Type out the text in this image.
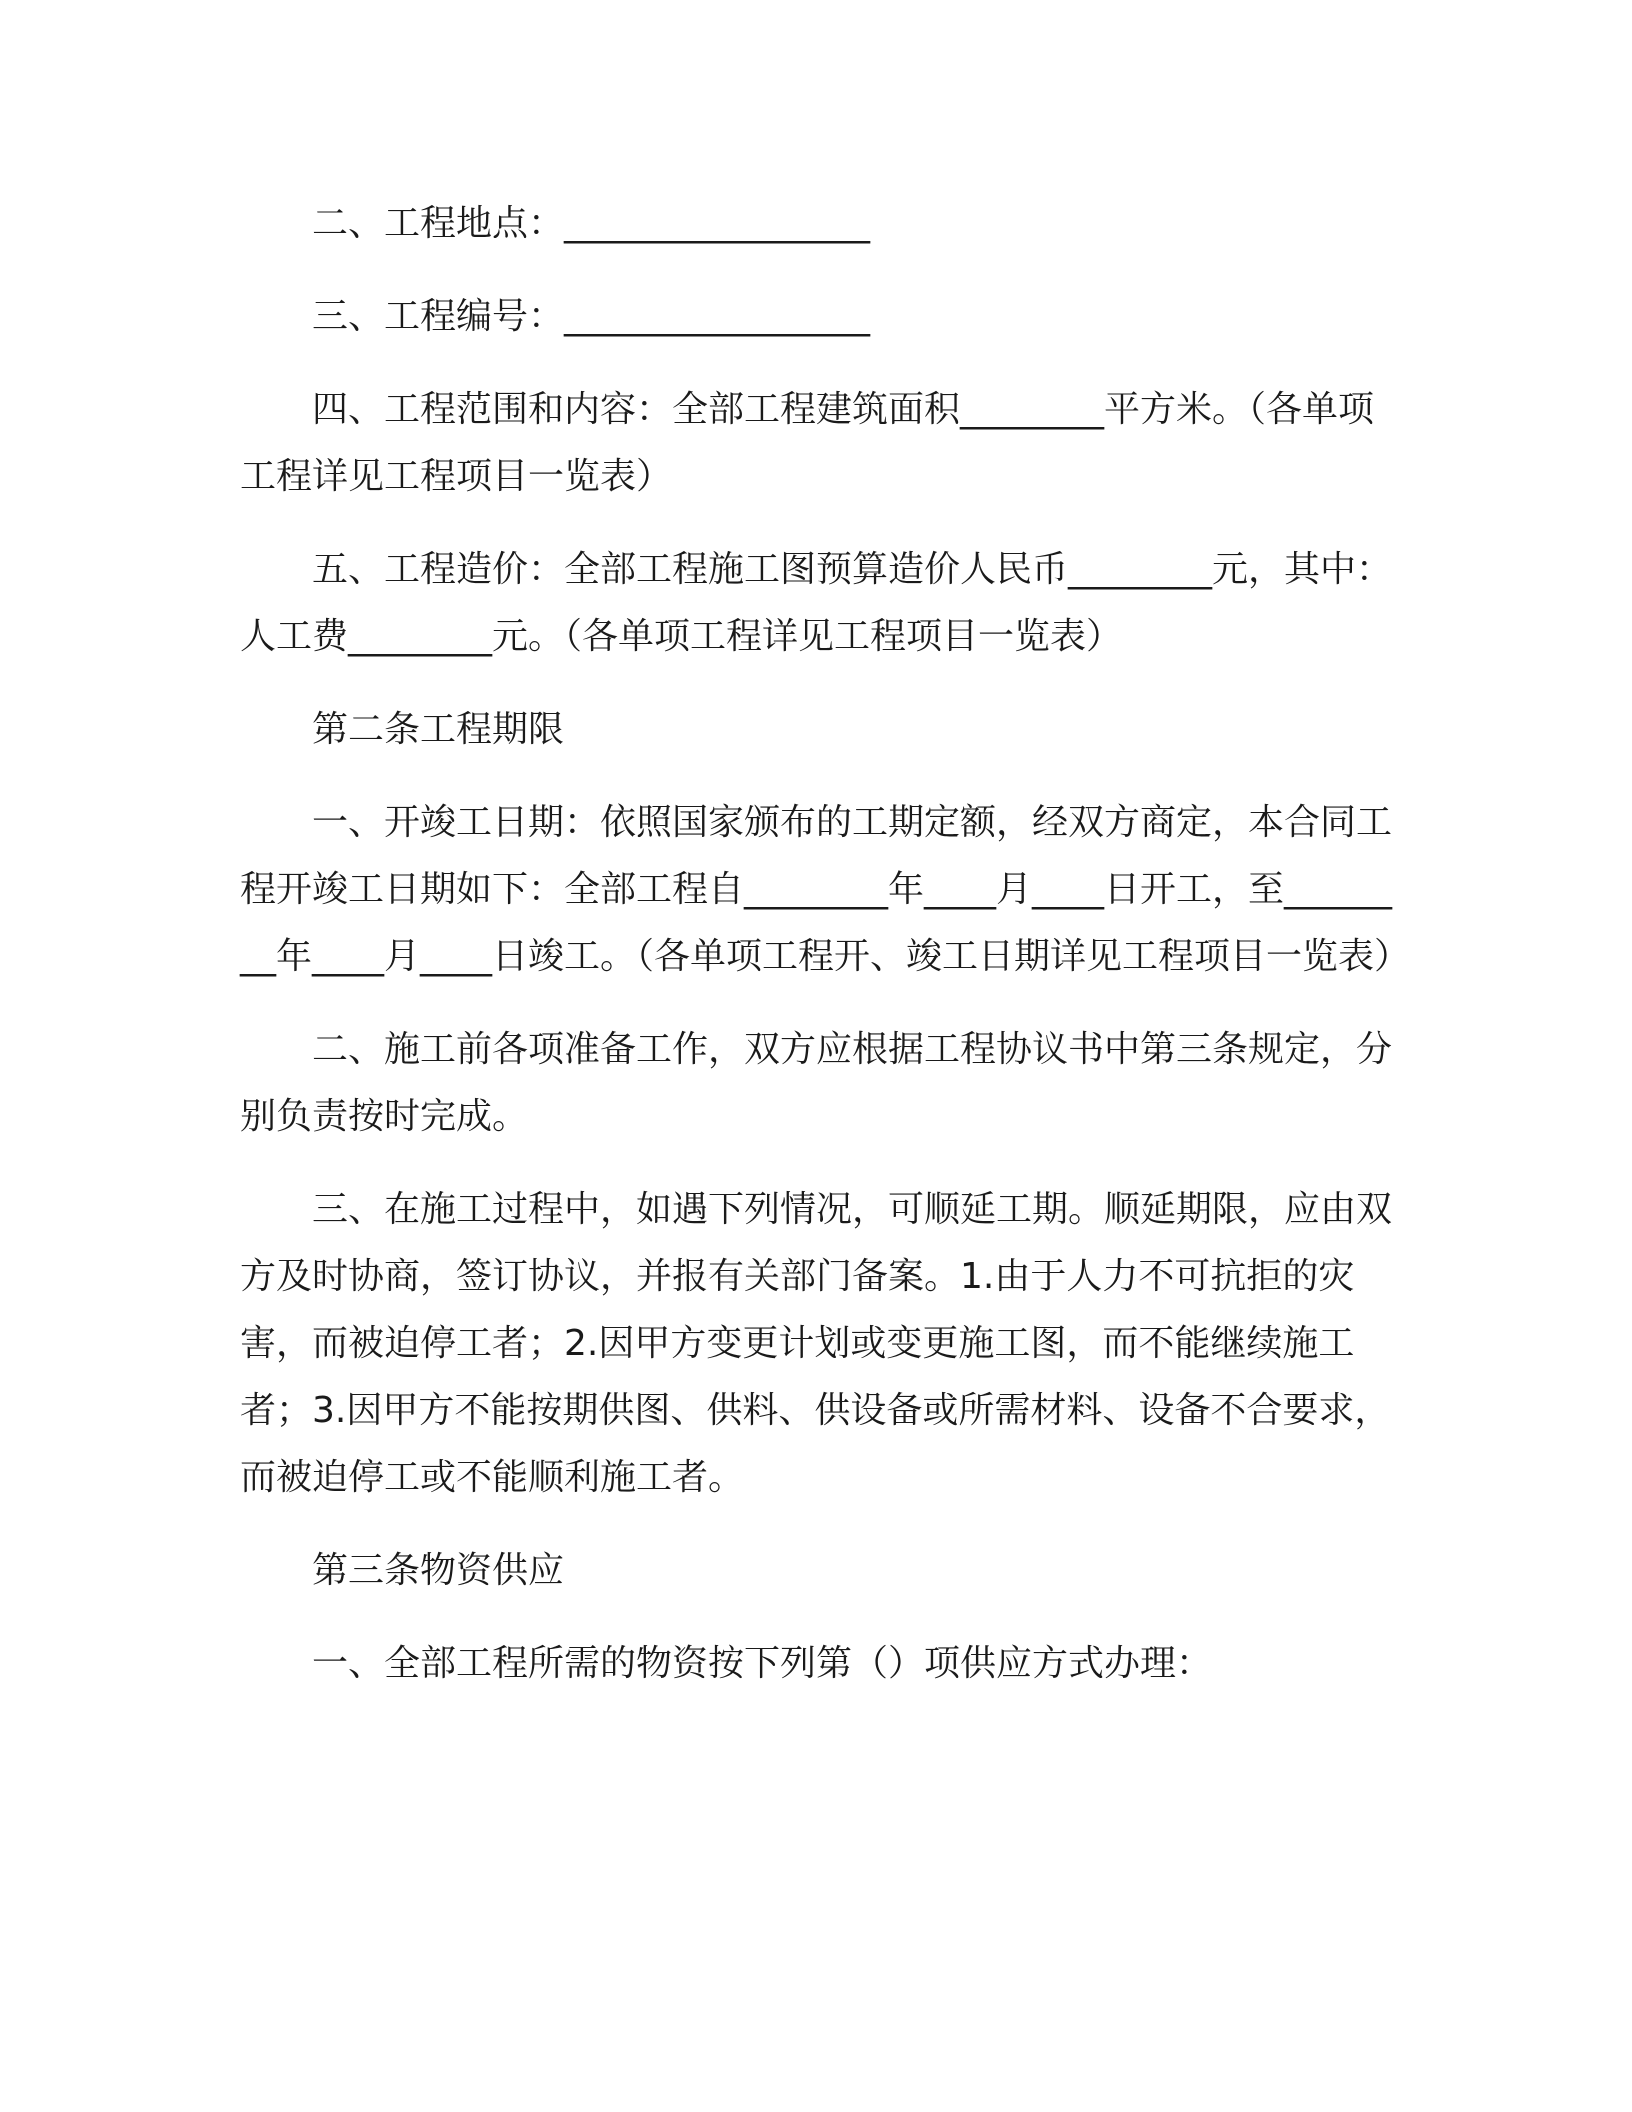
二、工程地点：_________________

三、工程编号：_________________

四、工程范围和内容：全部工程建筑面积________平方米。（各单项工程详见工程项目一览表）

五、工程造价：全部工程施工图预算造价人民币________元，其中：人工费________元。（各单项工程详见工程项目一览表）

第二条工程期限

一、开竣工日期：依照国家颁布的工期定额，经双方商定，本合同工程开竣工日期如下：全部工程自________年____月____日开工，至________年____月____日竣工。（各单项工程开、竣工日期详见工程项目一览表）

二、施工前各项准备工作，双方应根据工程协议书中第三条规定，分别负责按时完成。

三、在施工过程中，如遇下列情况，可顺延工期。顺延期限，应由双方及时协商，签订协议，并报有关部门备案。1.由于人力不可抗拒的灾害，而被迫停工者；2.因甲方变更计划或变更施工图，而不能继续施工者；3.因甲方不能按期供图、供料、供设备或所需材料、设备不合要求，而被迫停工或不能顺利施工者。

第三条物资供应

一、全部工程所需的物资按下列第（）项供应方式办理：
